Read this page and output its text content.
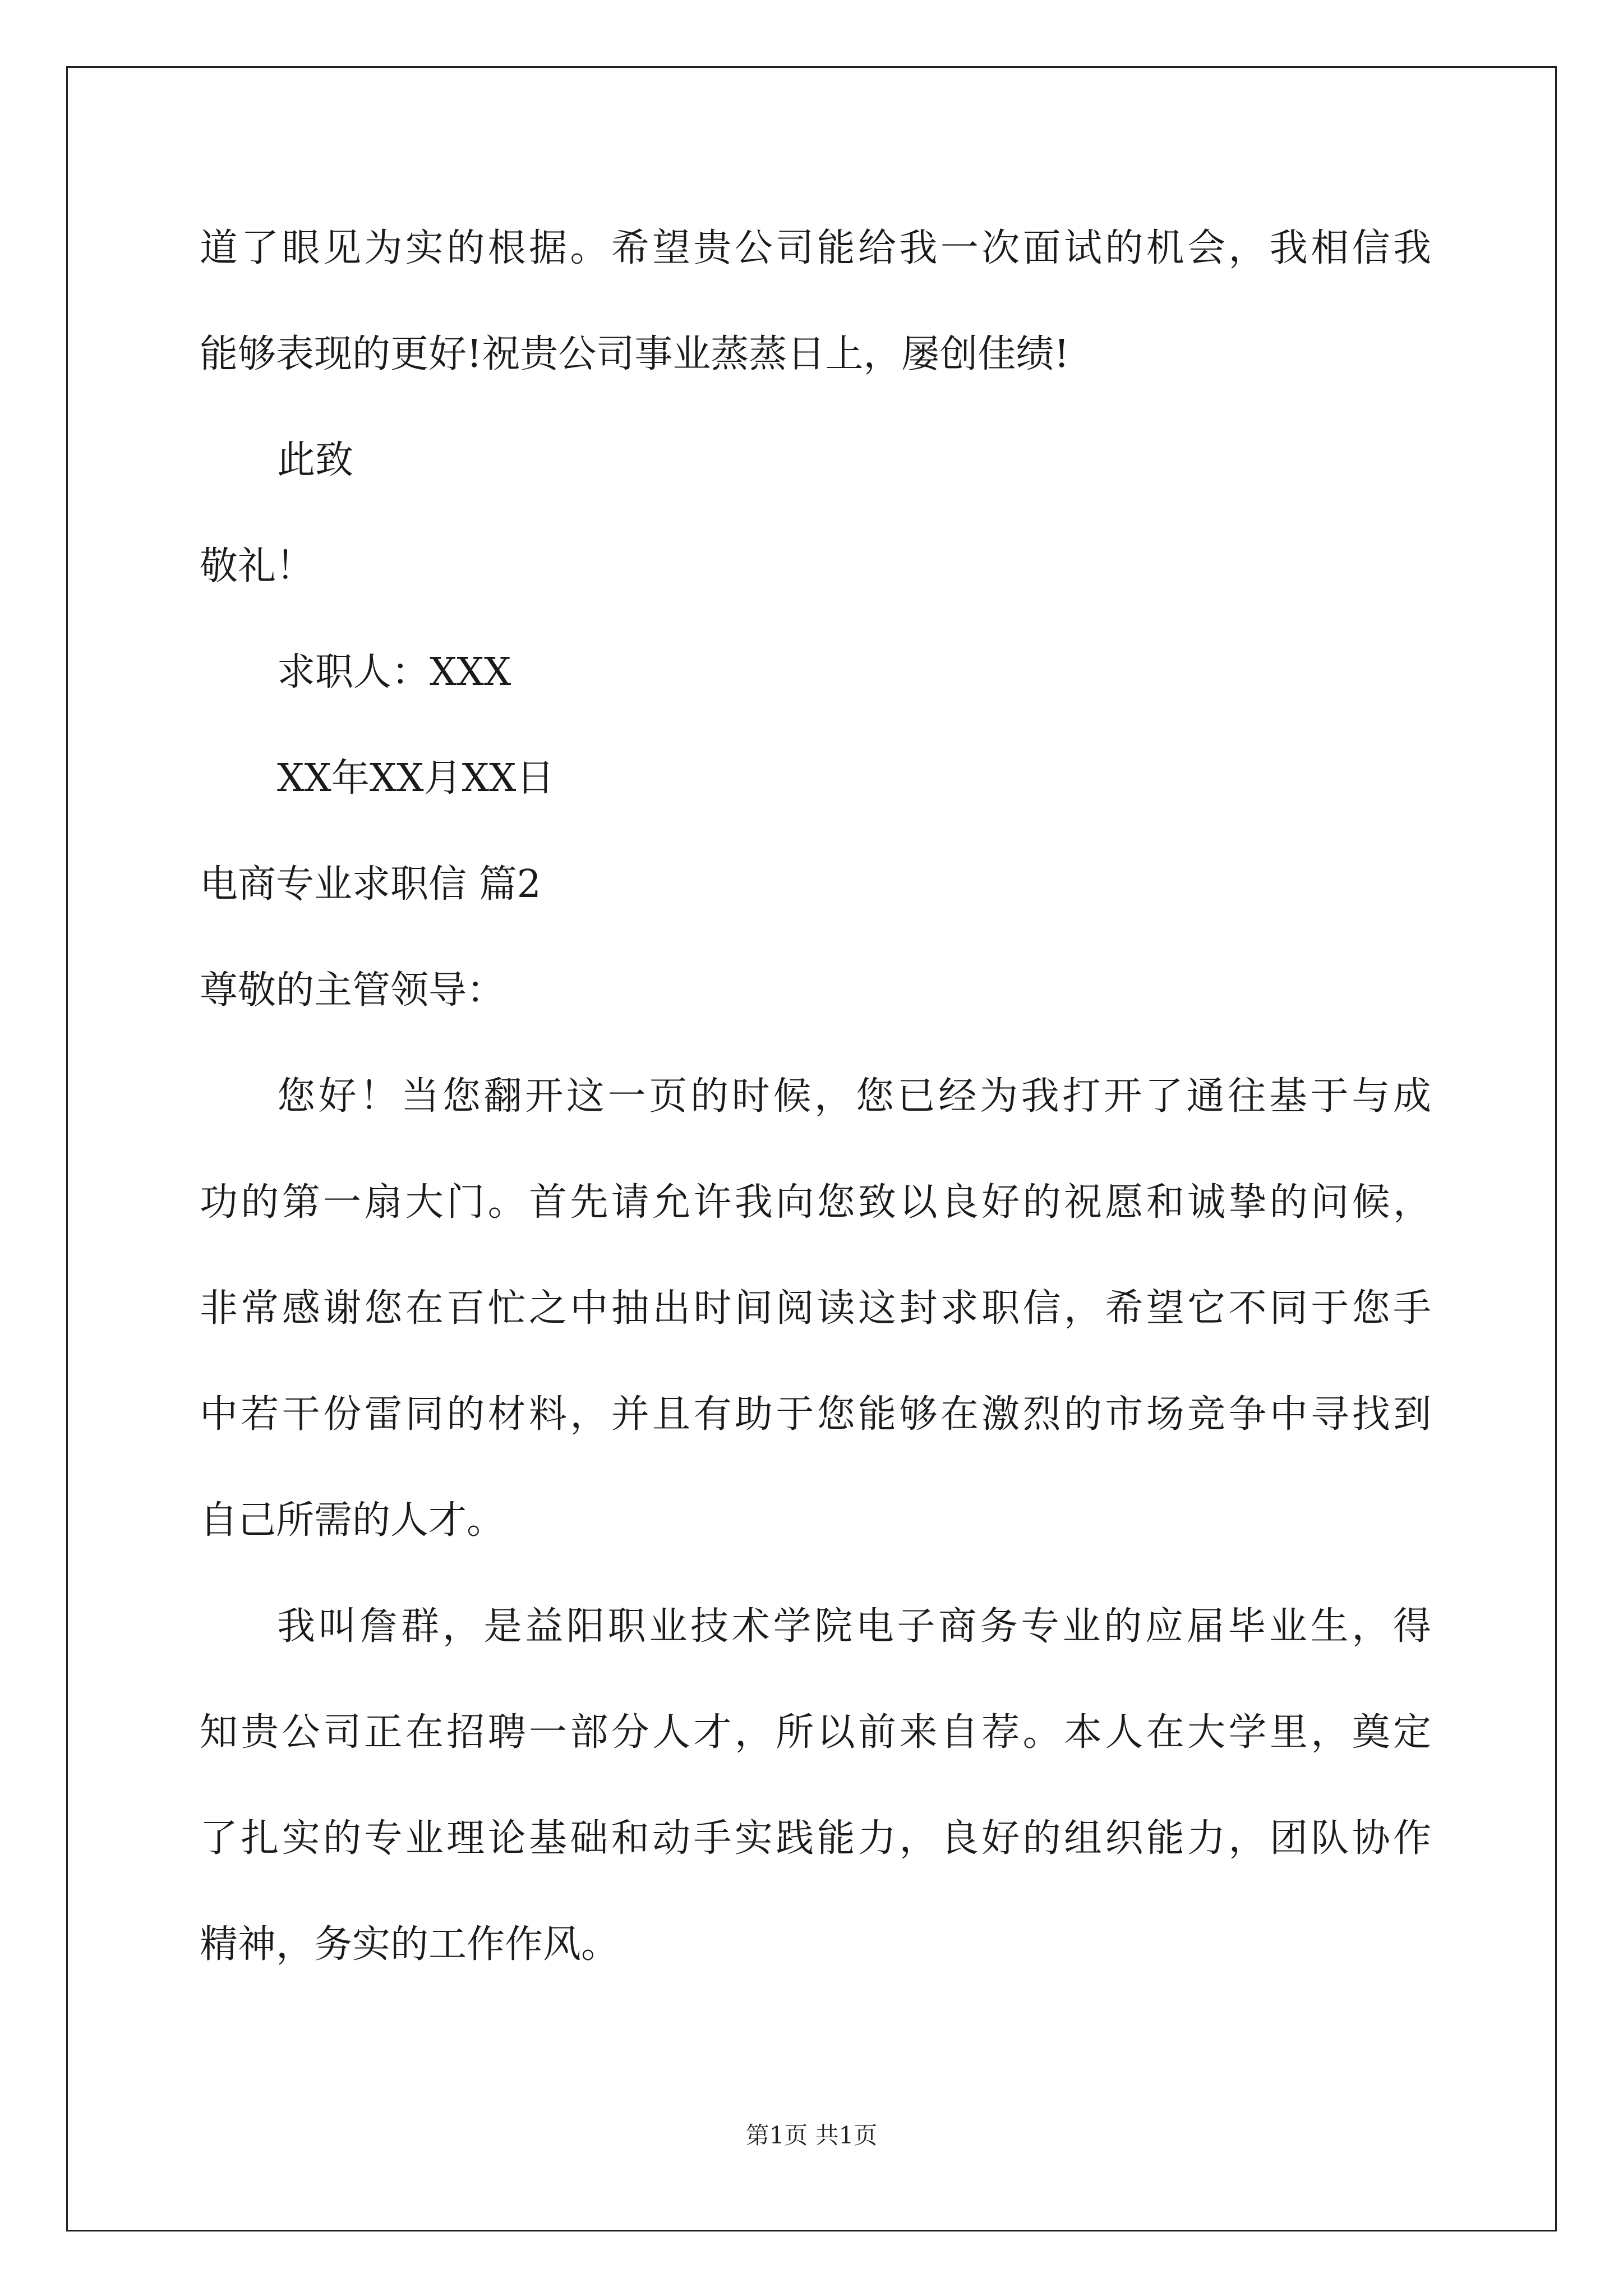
道了眼见为实的根据。希望贵公司能给我一次面试的机会，我相信我

能够表现的更好!祝贵公司事业蒸蒸日上，屡创佳绩!

此致

敬礼！

求职人：XXX

XX年XX月XX日

电商专业求职信 篇2

尊敬的主管领导：

您好！当您翻开这一页的时候，您已经为我打开了通往基于与成

功的第一扇大门。首先请允许我向您致以良好的祝愿和诚挚的问候，

非常感谢您在百忙之中抽出时间阅读这封求职信，希望它不同于您手

中若干份雷同的材料，并且有助于您能够在激烈的市场竞争中寻找到

自己所需的人才。

我叫詹群，是益阳职业技术学院电子商务专业的应届毕业生，得

知贵公司正在招聘一部分人才，所以前来自荐。本人在大学里，奠定

了扎实的专业理论基础和动手实践能力，良好的组织能力，团队协作

精神，务实的工作作风。

第1页 共1页
